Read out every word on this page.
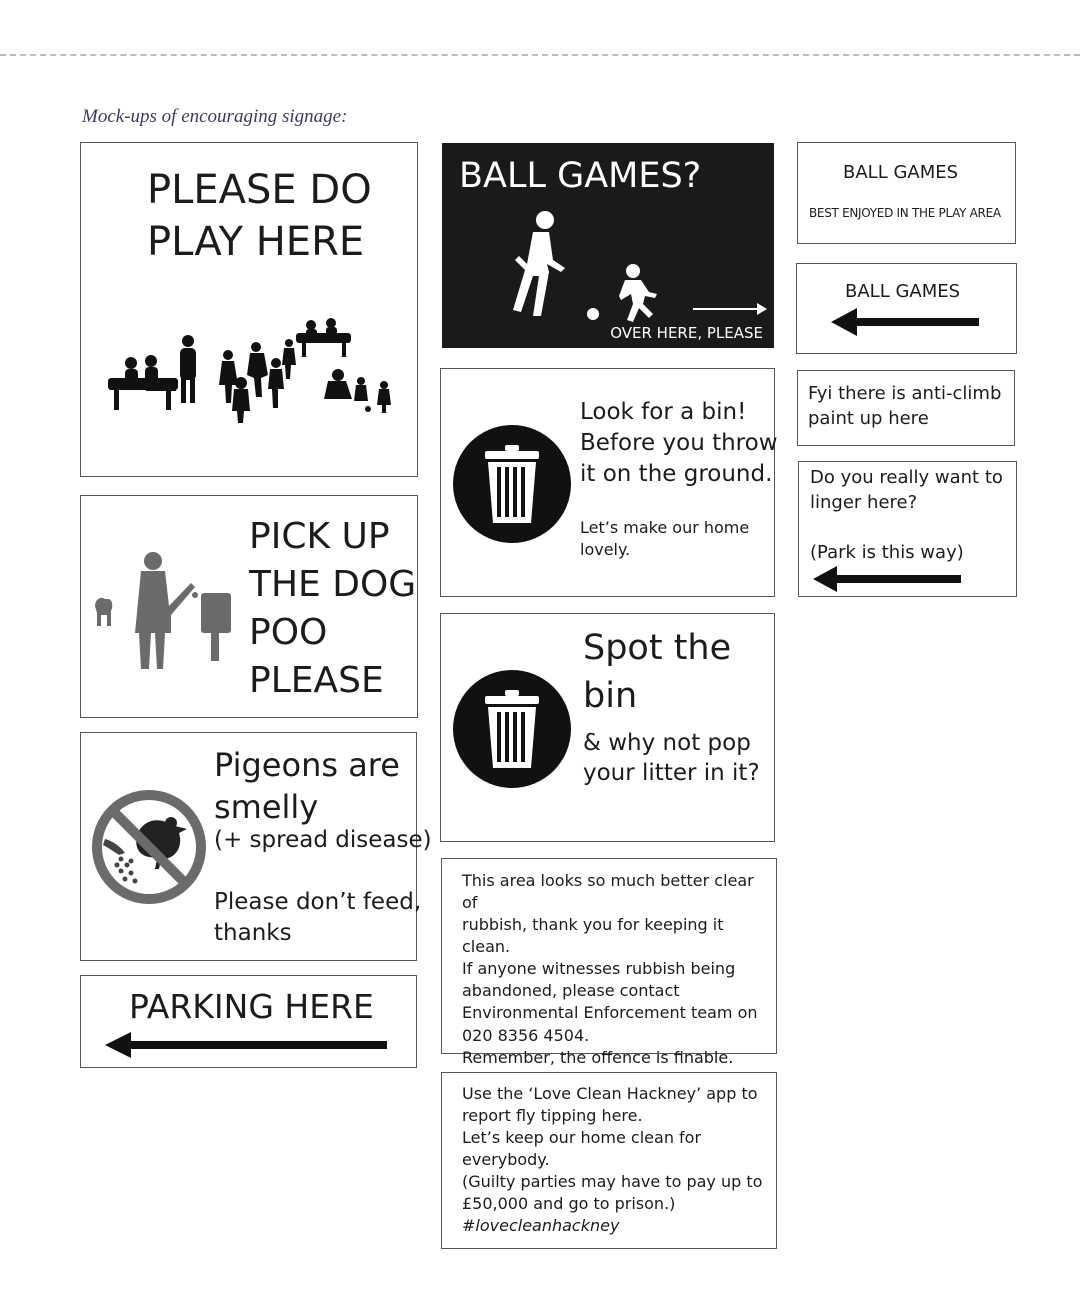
Mock-ups of encouraging signage:
PLEASE DO
PLAY HERE
PICK UP
THE DOG
POO
PLEASE
Pigeons are
smelly
(+ spread disease)
Please don’t feed,
thanks
PARKING HERE
BALL GAMES?
OVER HERE, PLEASE
Look for a bin!
Before you throw
it on the ground.
Let’s make our home
lovely.
Spot the
bin
& why not pop
your litter in it?
This area looks so much better clear of
rubbish, thank you for keeping it clean.
If anyone witnesses rubbish being
abandoned, please contact
Environmental Enforcement team on
020 8356 4504.
Remember, the offence is finable.
Use the ‘Love Clean Hackney’ app to
report fly tipping here.
Let’s keep our home clean for
everybody.
(Guilty parties may have to pay up to
£50,000 and go to prison.)
#lovecleanhackney
BALL GAMES
BEST ENJOYED IN THE PLAY AREA
BALL GAMES
Fyi there is anti-climb
paint up here
Do you really want to
linger here?
(Park is this way)
